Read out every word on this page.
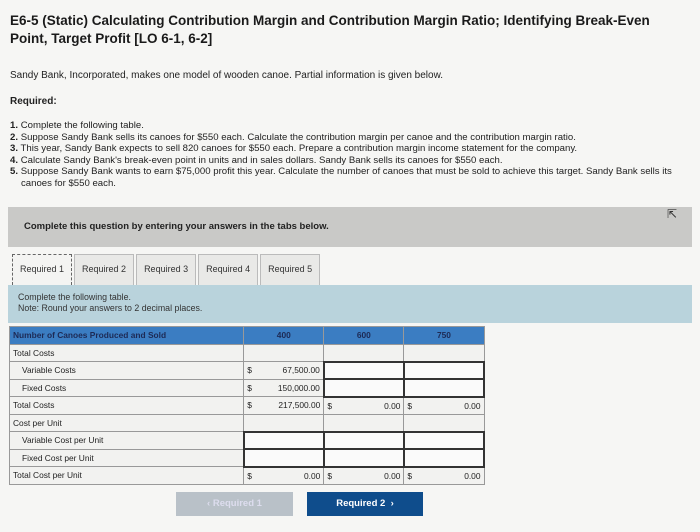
E6-5 (Static) Calculating Contribution Margin and Contribution Margin Ratio; Identifying Break-Even Point, Target Profit [LO 6-1, 6-2]
Sandy Bank, Incorporated, makes one model of wooden canoe. Partial information is given below.
Required:
1. Complete the following table.
2. Suppose Sandy Bank sells its canoes for $550 each. Calculate the contribution margin per canoe and the contribution margin ratio.
3. This year, Sandy Bank expects to sell 820 canoes for $550 each. Prepare a contribution margin income statement for the company.
4. Calculate Sandy Bank's break-even point in units and in sales dollars. Sandy Bank sells its canoes for $550 each.
5. Suppose Sandy Bank wants to earn $75,000 profit this year. Calculate the number of canoes that must be sold to achieve this target. Sandy Bank sells its canoes for $550 each.
Complete this question by entering your answers in the tabs below.
⇱
Required 1	Required 2	Required 3	Required 4	Required 5
Complete the following table.
Note: Round your answers to 2 decimal places.
Number of Canoes Produced and Sold	400	600	750
Total Costs			
Variable Costs	$ 67,500.00		

Fixed Costs	$ 150,000.00		

Total Costs	$ 217,500.00	$ 0.00	$ 0.00

Cost per Unit			
Variable Cost per Unit			
Fixed Cost per Unit			
Total Cost per Unit	$ 0.00	$ 0.00	$ 0.00
‹ Required 1	Required 2  ›
